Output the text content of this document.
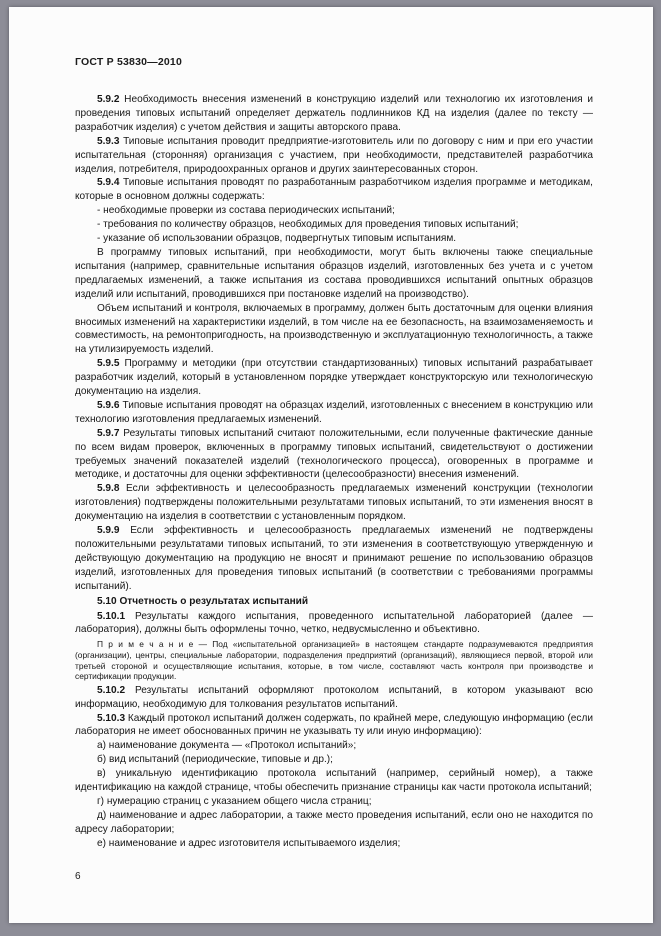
ГОСТ Р 53830—2010

5.9.2 Необходимость внесения изменений в конструкцию изделий или технологию их изготовления и проведения типовых испытаний определяет держатель подлинников КД на изделия (далее по тексту — разработчик изделия) с учетом действия и защиты авторского права.

5.9.3 Типовые испытания проводит предприятие-изготовитель или по договору с ним и при его участии испытательная (сторонняя) организация с участием, при необходимости, представителей разработчика изделия, потребителя, природоохранных органов и других заинтересованных сторон.

5.9.4 Типовые испытания проводят по разработанным разработчиком изделия программе и методикам, которые в основном должны содержать:

- необходимые проверки из состава периодических испытаний;

- требования по количеству образцов, необходимых для проведения типовых испытаний;

- указание об использовании образцов, подвергнутых типовым испытаниям.

В программу типовых испытаний, при необходимости, могут быть включены также специальные испытания (например, сравнительные испытания образцов изделий, изготовленных без учета и с учетом предлагаемых изменений, а также испытания из состава проводившихся испытаний опытных образцов изделий или испытаний, проводившихся при постановке изделий на производство).

Объем испытаний и контроля, включаемых в программу, должен быть достаточным для оценки влияния вносимых изменений на характеристики изделий, в том числе на ее безопасность, на взаимозаменяемость и совместимость, на ремонтопригодность, на производственную и эксплуатационную технологичность, а также на утилизируемость изделий.

5.9.5 Программу и методики (при отсутствии стандартизованных) типовых испытаний разрабатывает разработчик изделий, который в установленном порядке утверждает конструкторскую или технологическую документацию на изделия.

5.9.6 Типовые испытания проводят на образцах изделий, изготовленных с внесением в конструкцию или технологию изготовления предлагаемых изменений.

5.9.7 Результаты типовых испытаний считают положительными, если полученные фактические данные по всем видам проверок, включенных в программу типовых испытаний, свидетельствуют о достижении требуемых значений показателей изделий (технологического процесса), оговоренных в программе и методике, и достаточны для оценки эффективности (целесообразности) внесения изменений.

5.9.8 Если эффективность и целесообразность предлагаемых изменений конструкции (технологии изготовления) подтверждены положительными результатами типовых испытаний, то эти изменения вносят в документацию на изделия в соответствии с установленным порядком.

5.9.9 Если эффективность и целесообразность предлагаемых изменений не подтверждены положительными результатами типовых испытаний, то эти изменения в соответствующую утвержденную и действующую документацию на продукцию не вносят и принимают решение по использованию образцов изделий, изготовленных для проведения типовых испытаний (в соответствии с требованиями программы испытаний).

5.10 Отчетность о результатах испытаний

5.10.1 Результаты каждого испытания, проведенного испытательной лабораторией (далее — лаборатория), должны быть оформлены точно, четко, недвусмысленно и объективно.

П р и м е ч а н и е — Под «испытательной организацией» в настоящем стандарте подразумеваются предприятия (организации), центры, специальные лаборатории, подразделения предприятий (организаций), являющиеся первой, второй или третьей стороной и осуществляющие испытания, которые, в том числе, составляют часть контроля при производстве и сертификации продукции.

5.10.2 Результаты испытаний оформляют протоколом испытаний, в котором указывают всю информацию, необходимую для толкования результатов испытаний.

5.10.3 Каждый протокол испытаний должен содержать, по крайней мере, следующую информацию (если лаборатория не имеет обоснованных причин не указывать ту или иную информацию):

а) наименование документа — «Протокол испытаний»;

б) вид испытаний (периодические, типовые и др.);

в) уникальную идентификацию протокола испытаний (например, серийный номер), а также идентификацию на каждой странице, чтобы обеспечить признание страницы как части протокола испытаний;

г) нумерацию страниц с указанием общего числа страниц;

д) наименование и адрес лаборатории, а также место проведения испытаний, если оно не находится по адресу лаборатории;

е) наименование и адрес изготовителя испытываемого изделия;

6
